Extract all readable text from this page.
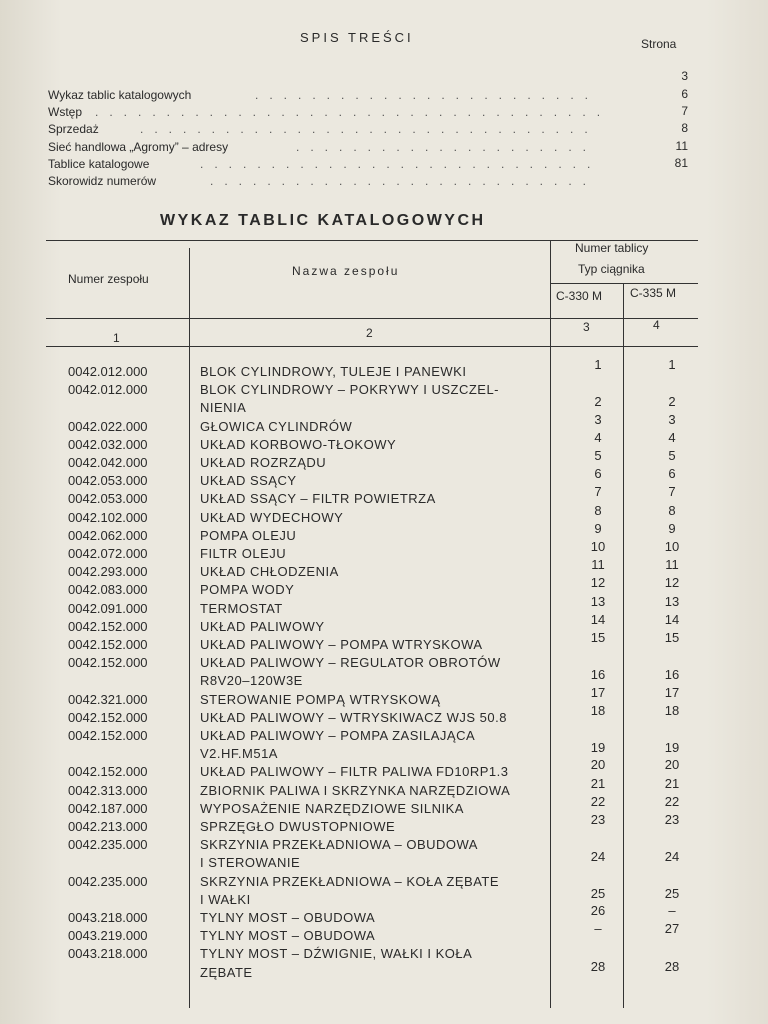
SPIS TREŚCI	Strona
3
Wykaz tablic katalogowych	........................	6
Wstęp ....................................	7
Sprzedaż	................................	8
Sieć handlowa „Agromy” – adresy	.....................	11
Tablice katalogowe	............................	81
Skorowidz numerów	...........................
WYKAZ TABLIC KATALOGOWYCH
Numer zespołu
Nazwa zespołu
Numer tablicy
Typ ciągnika
C-330 M C-335 M
1	2	3	4
0042.012.000	BLOK CYLINDROWY, TULEJE I PANEWKI	1	1
0042.012.000	BLOK CYLINDROWY – POKRYWY I USZCZEL-
NIENIA	2	2
0042.022.000	GŁOWICA CYLINDRÓW	3	3
0042.032.000	UKŁAD KORBOWO-TŁOKOWY	4	4
0042.042.000	UKŁAD ROZRZĄDU	5	5
0042.053.000	UKŁAD SSĄCY	6	6
0042.053.000	UKŁAD SSĄCY – FILTR POWIETRZA	7	7
0042.102.000	UKŁAD WYDECHOWY	8	8
0042.062.000	POMPA OLEJU	9	9
0042.072.000	FILTR OLEJU	10	10
0042.293.000	UKŁAD CHŁODZENIA	11	11
0042.083.000	POMPA WODY	12	12
0042.091.000	TERMOSTAT	13	13
0042.152.000	UKŁAD PALIWOWY	14	14
0042.152.000	UKŁAD PALIWOWY – POMPA WTRYSKOWA	15	15
0042.152.000	UKŁAD PALIWOWY – REGULATOR OBROTÓW
R8V20–120W3E	16	16
0042.321.000	STEROWANIE POMPĄ WTRYSKOWĄ	17	17
0042.152.000	UKŁAD PALIWOWY – WTRYSKIWACZ WJS 50.8	18	18
0042.152.000	UKŁAD PALIWOWY – POMPA ZASILAJĄCA
V2.HF.M51A	19	19
0042.152.000	UKŁAD PALIWOWY – FILTR PALIWA FD10RP1.3	20	20
0042.313.000	ZBIORNIK PALIWA I SKRZYNKA NARZĘDZIOWA	21	21
0042.187.000	WYPOSAŻENIE NARZĘDZIOWE SILNIKA	22	22
0042.213.000	SPRZĘGŁO DWUSTOPNIOWE	23	23
0042.235.000	SKRZYNIA PRZEKŁADNIOWA – OBUDOWA
I STEROWANIE	24	24
0042.235.000	SKRZYNIA PRZEKŁADNIOWA – KOŁA ZĘBATE
I WAŁKI	25	25
0043.218.000	TYLNY MOST – OBUDOWA	26	–
0043.219.000	TYLNY MOST – OBUDOWA	–	27
0043.218.000	TYLNY MOST – DŹWIGNIE, WAŁKI I KOŁA
ZĘBATE	28	28
